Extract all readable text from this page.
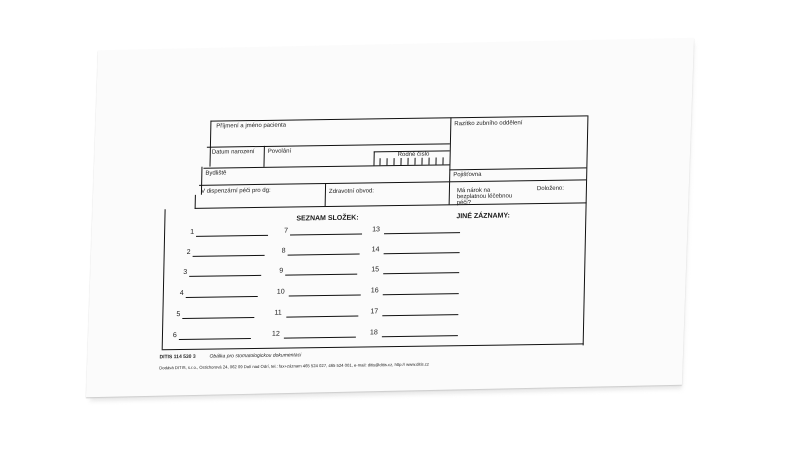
Příjmení a jméno pacienta	Razítko zubního oddělení
Datum narození Povolání	Rodné číslo
Bydliště	Pojišťovna
V dispenzární péči pro dg:	Zdravotní obvod:	Má nárok na bezplatnou léčebnou péči?
Doloženo:
SEZNAM SLOŽEK:	JINÉ ZÁZNAMY:
1
2
3
4
5
6
7
8
9
10
11
12
13
14
15
16
17
18
DITIS 114 530 3	Obálka pro stomatologickou dokumentaci
Dodává DITIS, s.r.o., Ostichorová 24, 062 09 Dolí nad Odrí, tel.: fax+záznam 465 524 027, 465 524 001, e-mail: ditis@ditis.cz, http:// www.ditis.cz
